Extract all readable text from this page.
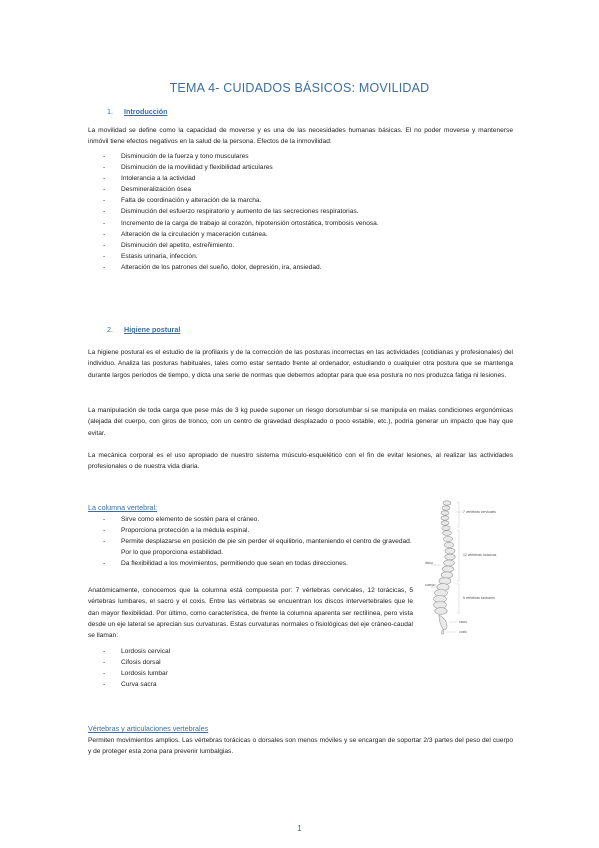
TEMA 4- CUIDADOS BÁSICOS: MOVILIDAD
1. Introducción
La movilidad se define como la capacidad de moverse y es una de las necesidades humanas básicas. El no poder moverse y mantenerse inmóvil tiene efectos negativos en la salud de la persona. Efectos de la inmovilidad:
- Disminución de la fuerza y tono musculares
- Disminución de la movilidad y flexibilidad articulares
- Intolerancia a la actividad
- Desmineralización ósea
- Falta de coordinación y alteración de la marcha.
- Disminución del esfuerzo respiratorio y aumento de las secreciones respiratorias.
- Incremento de la carga de trabajo al corazón, hipotensión ortostática, trombosis venosa.
- Alteración de la circulación y maceración cutánea.
- Disminución del apetito, estreñimiento.
- Estasis urinaria, infección.
- Alteración de los patrones del sueño, dolor, depresión, ira, ansiedad.
2. Higiene postural
La higiene postural es el estudio de la profilaxis y de la corrección de las posturas incorrectas en las actividades (cotidianas y profesionales) del individuo. Analiza las posturas habituales, tales como estar sentado frente al ordenador, estudiando o cualquier otra postura que se mantenga durante largos periodos de tiempo, y dicta una serie de normas que debemos adoptar para que esa postura no nos produzca fatiga ni lesiones.
La manipulación de toda carga que pese más de 3 kg puede suponer un riesgo dorsolumbar si se manipula en malas condiciones ergonómicas (alejada del cuerpo, con giros de tronco, con un centro de gravedad desplazado o poco estable, etc.), podría generar un impacto que hay que evitar.
La mecánica corporal es el uso apropiado de nuestro sistema músculo-esquelético con el fin de evitar lesiones, al realizar las actividades profesionales o de nuestra vida diaria.
La columna vertebral:
- Sirve como elemento de sostén para el cráneo.
- Proporciona protección a la médula espinal.
- Permite desplazarse en posición de pie sin perder el equilibrio, manteniendo el centro de gravedad. Por lo que proporciona estabilidad.
- Da flexibilidad a los movimientos, permitiendo que sean en todas direcciones.
Anatómicamente, conocemos que la columna está compuesta por: 7 vértebras cervicales, 12 torácicas, 5 vértebras lumbares, el sacro y el coxis. Entre las vértebras se encuentran los discos intervertebrales que le dan mayor flexibilidad. Por último, como característica, de frente la columna aparenta ser rectilínea, pero vista desde un eje lateral se aprecian sus curvaturas. Estas curvaturas normales o fisiológicas del eje cráneo-caudal se llaman:
- Lordosis cervical
- Cifosis dorsal
- Lordosis lumbar
- Curva sacra
7 vértebras cervicales
12 vértebras torácicas
5 vértebras lumbares
disco
cuerpo
sacro
coxis
Vértebras y articulaciones vertebrales
Permiten movimientos amplios. Las vértebras torácicas o dorsales son menos móviles y se encargan de soportar 2/3 partes del peso del cuerpo y de proteger esta zona para prevenir lumbalgias.
1
